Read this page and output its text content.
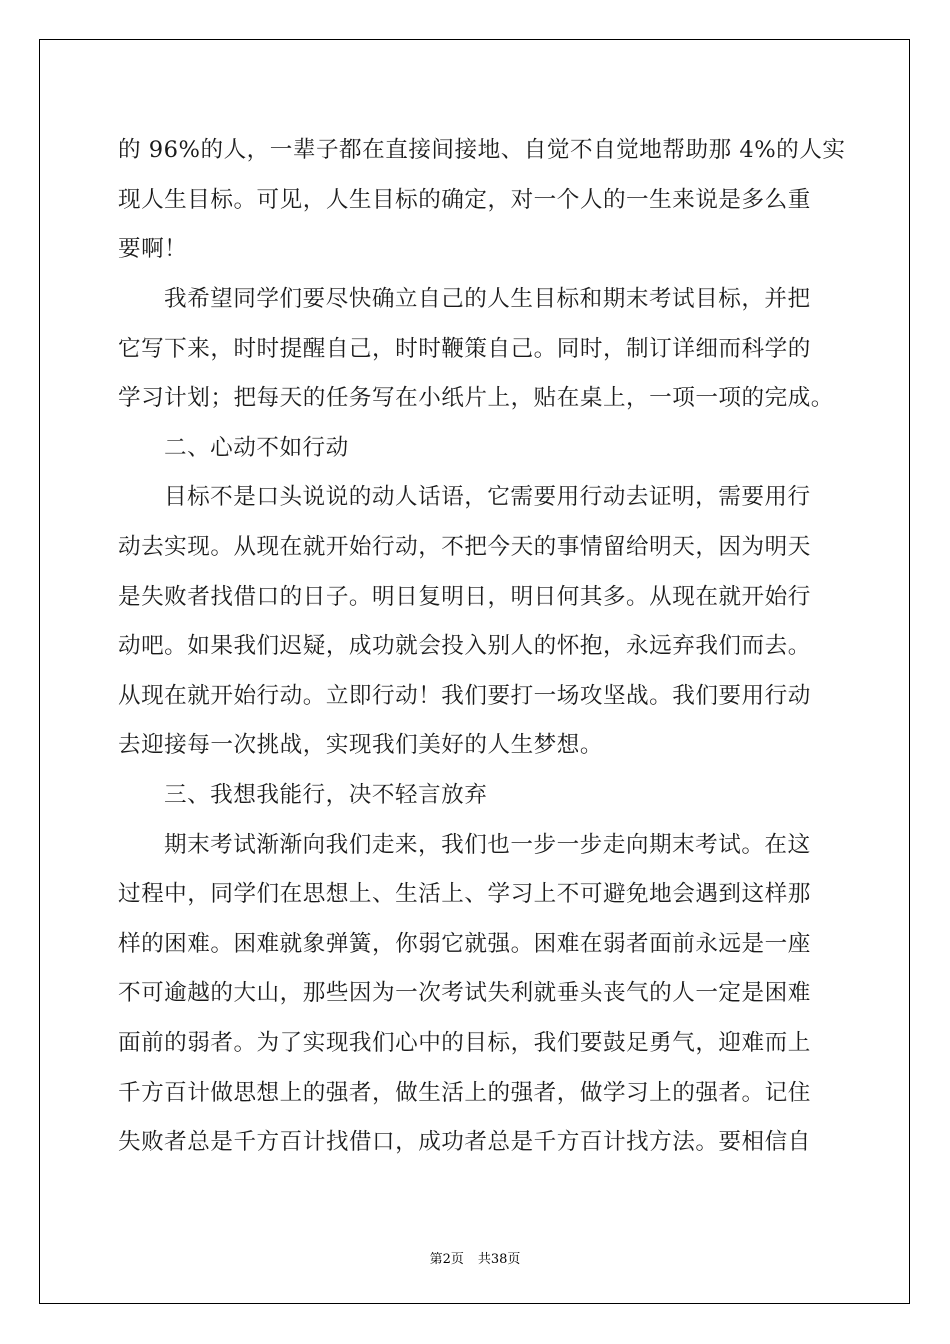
的 96%的人，一辈子都在直接间接地、自觉不自觉地帮助那 4%的人实
现人生目标。可见，人生目标的确定，对一个人的一生来说是多么重
要啊！
我希望同学们要尽快确立自己的人生目标和期末考试目标，并把
它写下来，时时提醒自己，时时鞭策自己。同时，制订详细而科学的
学习计划；把每天的任务写在小纸片上，贴在桌上，一项一项的完成。
二、心动不如行动
目标不是口头说说的动人话语，它需要用行动去证明，需要用行
动去实现。从现在就开始行动，不把今天的事情留给明天，因为明天
是失败者找借口的日子。明日复明日，明日何其多。从现在就开始行
动吧。如果我们迟疑，成功就会投入别人的怀抱，永远弃我们而去。
从现在就开始行动。立即行动！我们要打一场攻坚战。我们要用行动
去迎接每一次挑战，实现我们美好的人生梦想。
三、我想我能行，决不轻言放弃
期末考试渐渐向我们走来，我们也一步一步走向期末考试。在这
过程中，同学们在思想上、生活上、学习上不可避免地会遇到这样那
样的困难。困难就象弹簧，你弱它就强。困难在弱者面前永远是一座
不可逾越的大山，那些因为一次考试失利就垂头丧气的人一定是困难
面前的弱者。为了实现我们心中的目标，我们要鼓足勇气，迎难而上
千方百计做思想上的强者，做生活上的强者，做学习上的强者。记住
失败者总是千方百计找借口，成功者总是千方百计找方法。要相信自
第2页 共38页
